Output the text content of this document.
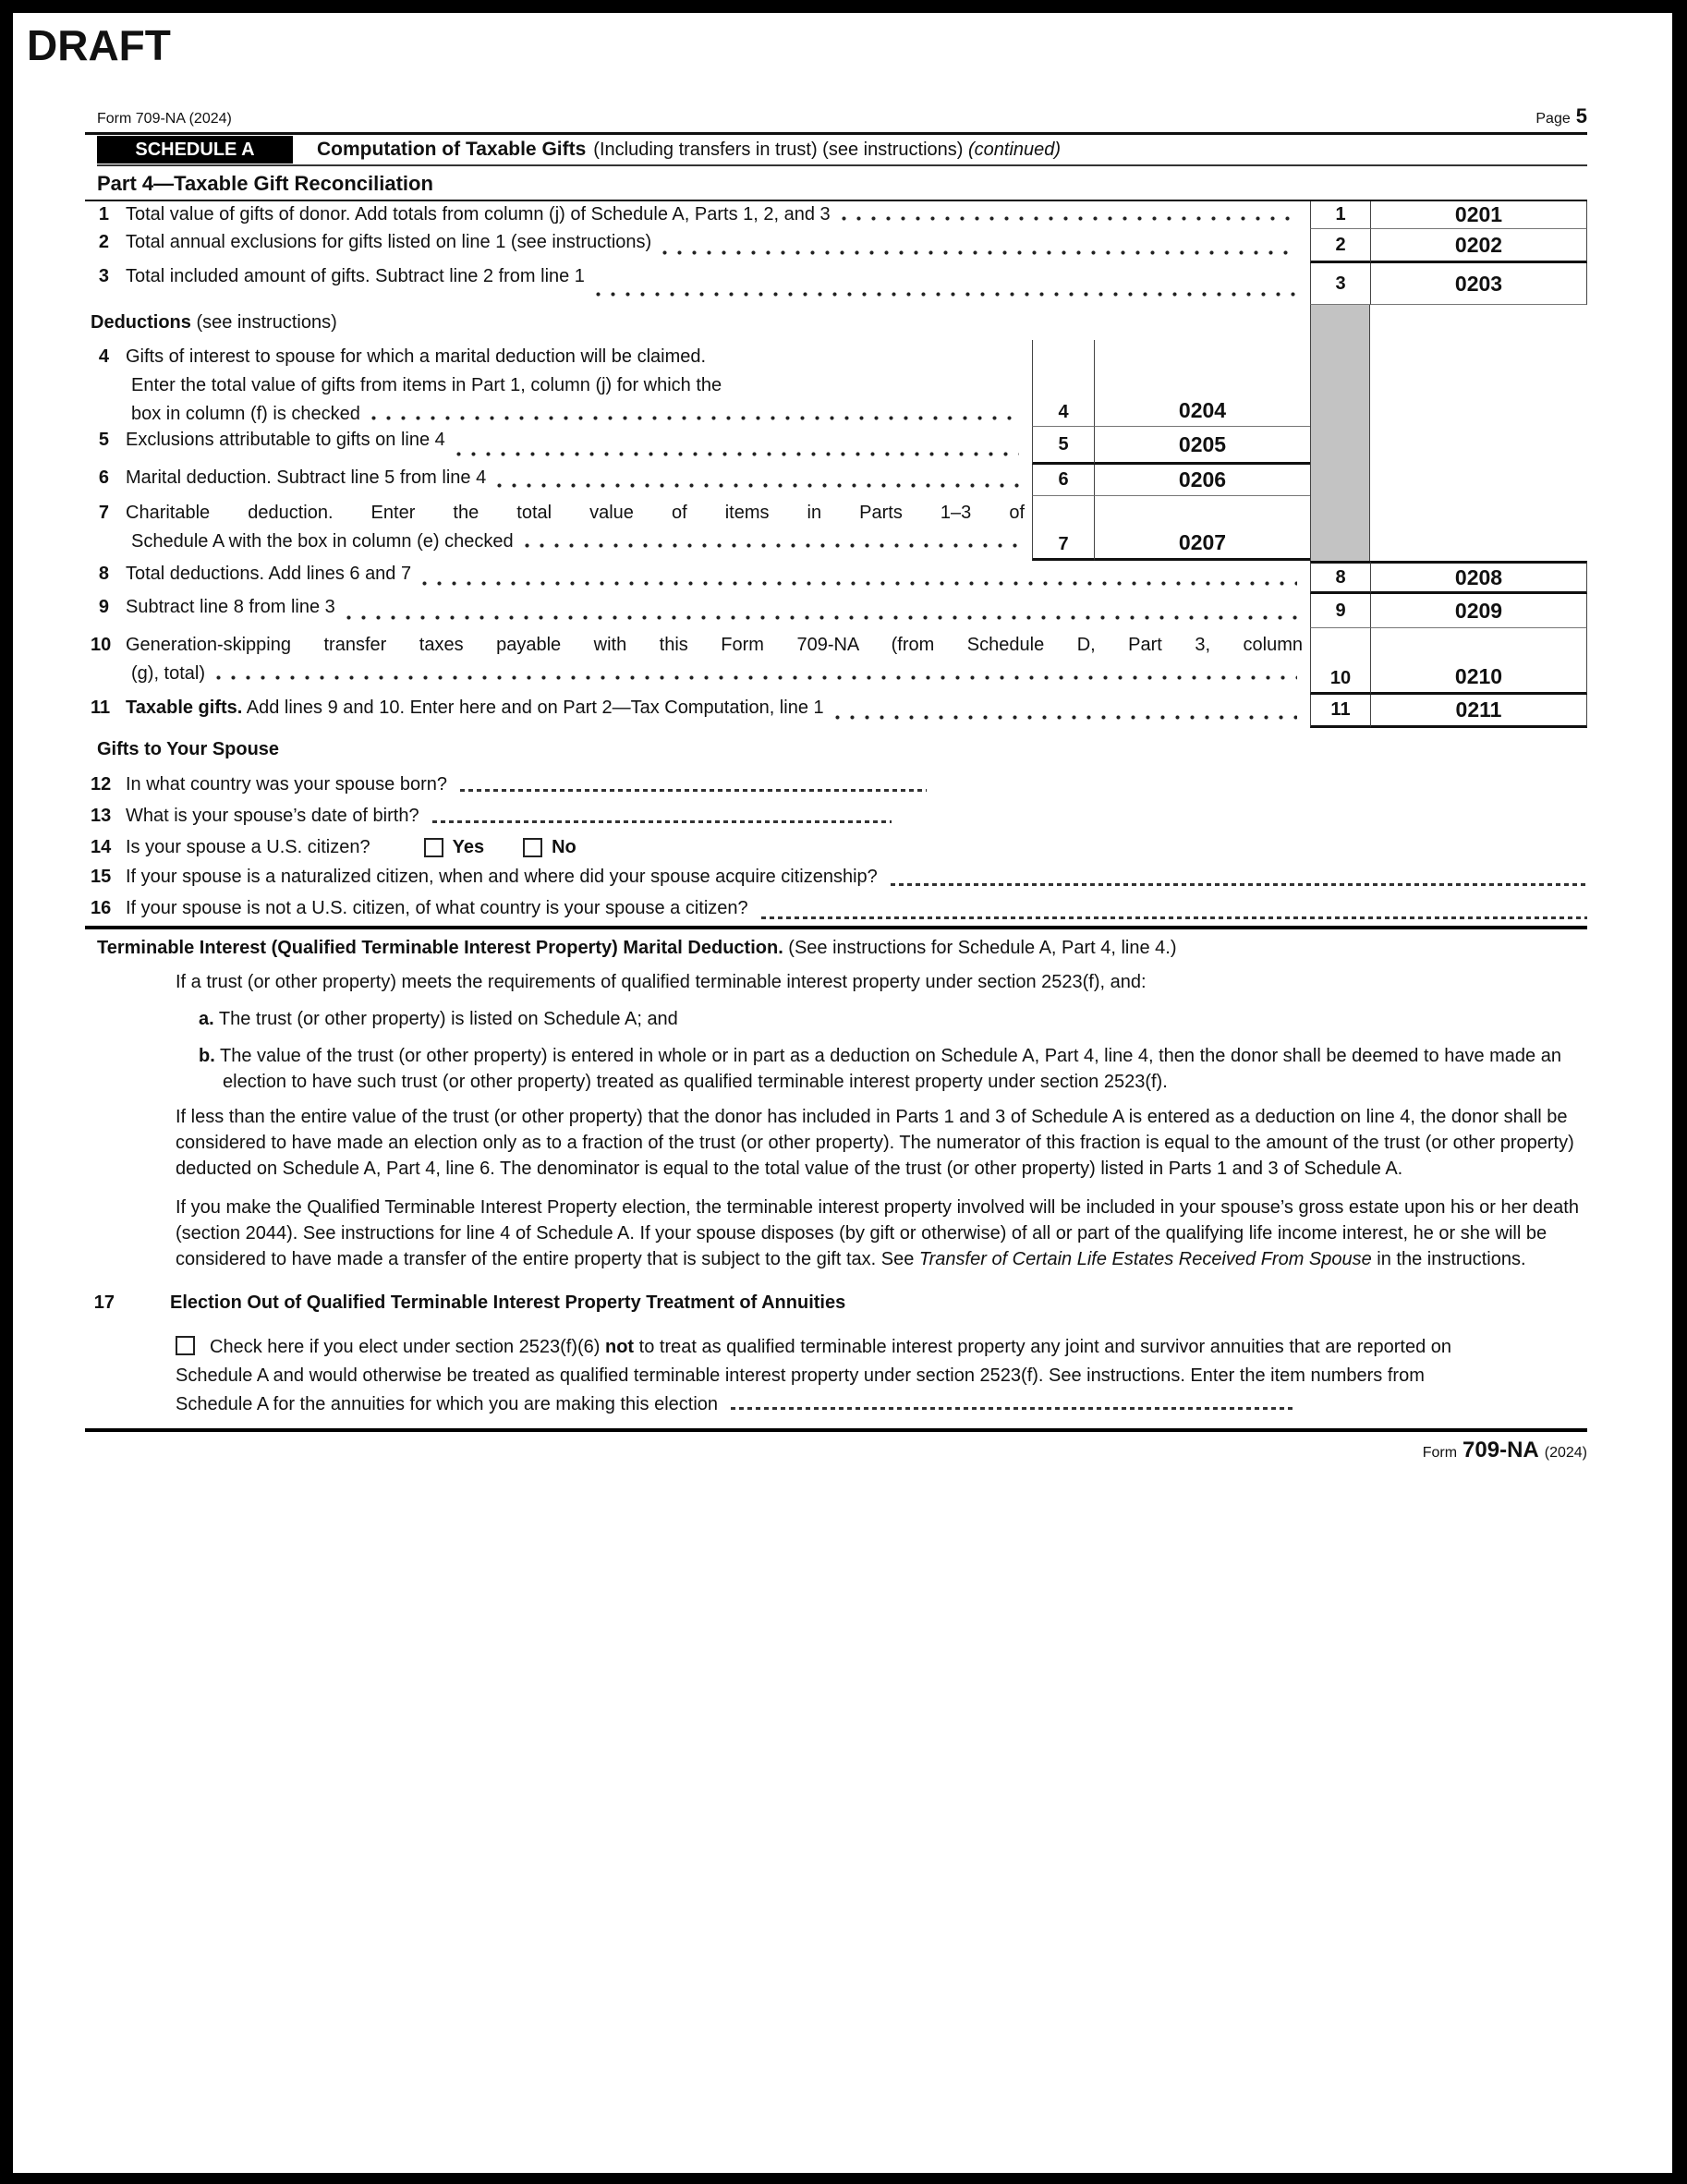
DRAFT
Form 709-NA (2024)	Page 5
SCHEDULE A	Computation of Taxable Gifts (Including transfers in trust) (see instructions) (continued)
Part 4—Taxable Gift Reconciliation
1 Total value of gifts of donor. Add totals from column (j) of Schedule A, Parts 1, 2, and 3	1	0201
2 Total annual exclusions for gifts listed on line 1 (see instructions)	2	0202
3 Total included amount of gifts. Subtract line 2 from line 1	3	0203
Deductions (see instructions)
4 Gifts of interest to spouse for which a marital deduction will be claimed.
Enter the total value of gifts from items in Part 1, column (j) for which the
box in column (f) is checked	4	0204
5 Exclusions attributable to gifts on line 4	5	0205
6 Marital deduction. Subtract line 5 from line 4	6	0206
7 Charitable deduction. Enter the total value of items in Parts 1–3 of
Schedule A with the box in column (e) checked	7	0207
8 Total deductions. Add lines 6 and 7	8	0208
9 Subtract line 8 from line 3	9	0209
10 Generation-skipping transfer taxes payable with this Form 709-NA (from Schedule D, Part 3, column
(g), total)	10	0210
11 Taxable gifts. Add lines 9 and 10. Enter here and on Part 2—Tax Computation, line 1	11	0211
Gifts to Your Spouse
12 In what country was your spouse born?
13 What is your spouse’s date of birth?
14 Is your spouse a U.S. citizen?	Yes	No
15 If your spouse is a naturalized citizen, when and where did your spouse acquire citizenship?
16 If your spouse is not a U.S. citizen, of what country is your spouse a citizen?
Terminable Interest (Qualified Terminable Interest Property) Marital Deduction. (See instructions for Schedule A, Part 4, line 4.)
If a trust (or other property) meets the requirements of qualified terminable interest property under section 2523(f), and:
a. The trust (or other property) is listed on Schedule A; and
b. The value of the trust (or other property) is entered in whole or in part as a deduction on Schedule A, Part 4, line 4, then the donor shall be deemed to have made an election to have such trust (or other property) treated as qualified terminable interest property under section 2523(f).
If less than the entire value of the trust (or other property) that the donor has included in Parts 1 and 3 of Schedule A is entered as a deduction on line 4, the donor shall be considered to have made an election only as to a fraction of the trust (or other property). The numerator of this fraction is equal to the amount of the trust (or other property) deducted on Schedule A, Part 4, line 6. The denominator is equal to the total value of the trust (or other property) listed in Parts 1 and 3 of Schedule A.
If you make the Qualified Terminable Interest Property election, the terminable interest property involved will be included in your spouse’s gross estate upon his or her death (section 2044). See instructions for line 4 of Schedule A. If your spouse disposes (by gift or otherwise) of all or part of the qualifying life income interest, he or she will be considered to have made a transfer of the entire property that is subject to the gift tax. See Transfer of Certain Life Estates Received From Spouse in the instructions.
17	Election Out of Qualified Terminable Interest Property Treatment of Annuities
Check here if you elect under section 2523(f)(6) not to treat as qualified terminable interest property any joint and survivor annuities that are reported on Schedule A and would otherwise be treated as qualified terminable interest property under section 2523(f). See instructions. Enter the item numbers from Schedule A for the annuities for which you are making this election
Form 709-NA (2024)
